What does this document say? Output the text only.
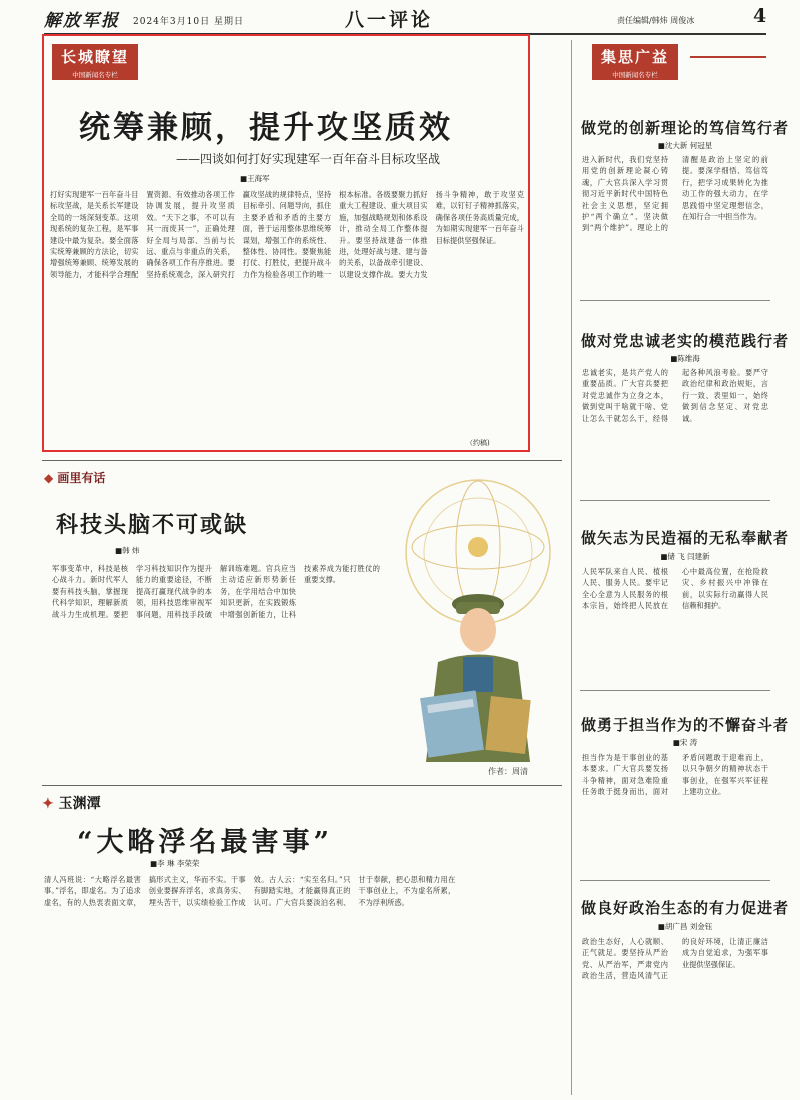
解放军报 2024年3月10日 星期日	八一评论	责任编辑/韩炜 周俊冰	4
长城瞭望
中国新闻名专栏
统筹兼顾，提升攻坚质效
——四谈如何打好实现建军一百年奋斗目标攻坚战
■王海军
打好实现建军一百年奋斗目标攻坚战，是关系长军建设全局的一场深刻变革。这项现系统的复杂工程，是军事建设中最为复杂。要全面落实统筹兼顾的方法论，切实增强统筹兼顾、统筹发展的领导能力，才能科学合理配置资源、有效推动各项工作协调发展，提升攻坚质效。“天下之事，不可以有其一而废其一”，正确处理好全局与局部、当前与长远、重点与非重点的关系，确保各项工作有序推进。要坚持系统观念，深入研究打赢攻坚战的规律特点，坚持目标牵引、问题导向，抓住主要矛盾和矛盾的主要方面，善于运用整体思维统筹谋划，增强工作的系统性、整体性、协同性。要聚焦能打仗、打胜仗，把提升战斗力作为检验各项工作的唯一根本标准。各级要聚力抓好重大工程建设、重大项目实施，加强战略规划和体系设计，推动全局工作整体提升。要坚持战建备一体推进，处理好战与建、建与备的关系，以备战牵引建设、以建设支撑作战。要大力发扬斗争精神，敢于攻坚克难，以钉钉子精神抓落实，确保各项任务高质量完成，为如期实现建军一百年奋斗目标提供坚强保证。
（约稿)
集思广益
中国新闻名专栏
做党的创新理论的笃信笃行者
■沈大新 何冠星
进入新时代，我们党坚持用党的创新理论凝心铸魂，广大官兵深入学习贯彻习近平新时代中国特色社会主义思想，坚定拥护“两个确立”、坚决做到“两个维护”。理论上的清醒是政治上坚定的前提。要深学细悟、笃信笃行，把学习成果转化为推动工作的强大动力，在学思践悟中坚定理想信念，在知行合一中担当作为。
做对党忠诚老实的模范践行者
■陈维海
忠诚老实，是共产党人的重要品质。广大官兵要把对党忠诚作为立身之本，做到党叫干啥就干啥、党让怎么干就怎么干，经得起各种风浪考验。要严守政治纪律和政治规矩，言行一致、表里如一，始终做到信念坚定、对党忠诚。
做矢志为民造福的无私奉献者
■储 飞 闫建新
人民军队来自人民、植根人民、服务人民。要牢记全心全意为人民服务的根本宗旨，始终把人民放在心中最高位置，在抢险救灾、乡村振兴中冲锋在前，以实际行动赢得人民信赖和拥护。
做勇于担当作为的不懈奋斗者
■宋 涛
担当作为是干事创业的基本要求。广大官兵要发扬斗争精神，面对急难险重任务敢于挺身而出，面对矛盾问题敢于迎难而上，以只争朝夕的精神状态干事创业，在强军兴军征程上建功立业。
做良好政治生态的有力促进者
■胡广昌 刘金钰
政治生态好，人心就顺、正气就足。要坚持从严治党、从严治军，严肃党内政治生活，营造风清气正的良好环境，让清正廉洁成为自觉追求，为强军事业提供坚强保证。
◆ 画里有话
科技头脑不可或缺
■韩 炜
军事变革中，科技是核心战斗力。新时代军人要有科技头脑，掌握现代科学知识，理解新质战斗力生成机理。要把学习科技知识作为提升能力的重要途径，不断提高打赢现代战争的本领，用科技思维审视军事问题，用科技手段破解训练难题。官兵应当主动适应新形势新任务，在学用结合中加快知识更新，在实践锻炼中增强创新能力，让科技素养成为能打胜仗的重要支撑。
作者：周清
✦ 玉渊潭
“大略浮名最害事”
■李 琳 李荣荣
清人冯班说：“大略浮名最害事。”浮名，即虚名。为了追求虚名，有的人热衷表面文章，搞形式主义，华而不实。干事创业要摒弃浮名，求真务实、埋头苦干，以实绩检验工作成效。古人云：“实至名归。”只有脚踏实地，才能赢得真正的认可。广大官兵要淡泊名利、甘于奉献，把心思和精力用在干事创业上，不为虚名所累，不为浮利所惑。
